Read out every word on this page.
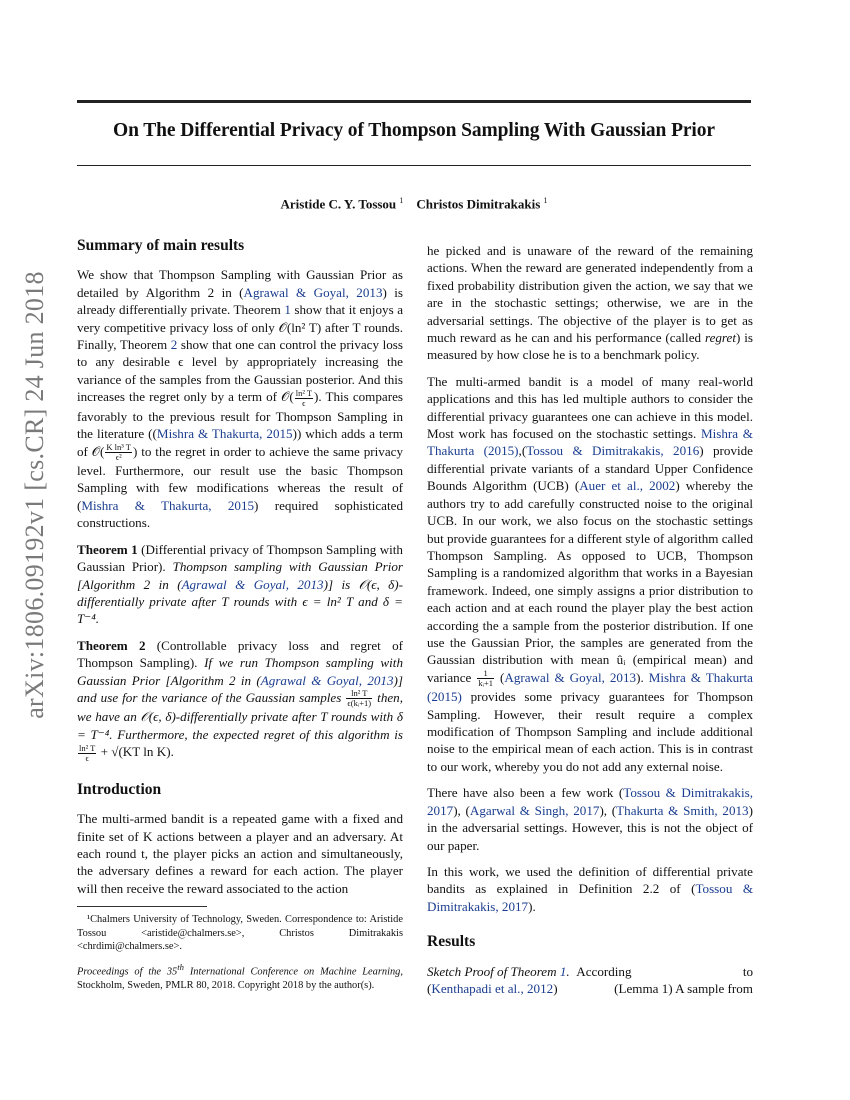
arXiv:1806.09192v1 [cs.CR] 24 Jun 2018
On The Differential Privacy of Thompson Sampling With Gaussian Prior
Aristide C. Y. Tossou $^1$ Christos Dimitrakakis $^1$
Summary of main results

We show that Thompson Sampling with Gaussian Prior as detailed by Algorithm 2 in (Agrawal & Goyal, 2013) is already differentially private. Theorem 1 show that it enjoys a very competitive privacy loss of only 𝒪(ln² T) after T rounds. Finally, Theorem 2 show that one can control the privacy loss to any desirable ϵ level by appropriately increasing the variance of the samples from the Gaussian posterior. And this increases the regret only by a term of 𝒪( $\frac{\text{ln² T}}{\epsilon}$ ). This compares favorably to the previous result for Thompson Sampling in the literature ((Mishra & Thakurta, 2015)) which adds a term of 𝒪( $\frac{\text{K ln³ T}}{\text{ϵ²}}$ ) to the regret in order to achieve the same privacy level. Furthermore, our result use the basic Thompson Sampling with few modifications whereas the result of (Mishra & Thakurta, 2015) required sophisticated constructions.

Theorem 1 (Differential privacy of Thompson Sampling with Gaussian Prior). Thompson sampling with Gaussian Prior [Algorithm 2 in (Agrawal & Goyal, 2013)] is 𝒪(ϵ, δ)-differentially private after T rounds with ϵ = ln² T and δ = T⁻⁴.

Theorem 2 (Controllable privacy loss and regret of Thompson Sampling). If we run Thompson sampling with Gaussian Prior [Algorithm 2 in (Agrawal & Goyal, 2013)] and use for the variance of the Gaussian samples $\frac{\text{ln² T}}{\text{ϵ(kᵢ+1)}}$ then, we have an 𝒪(ϵ, δ)-differentially private after T rounds with δ = T⁻⁴. Furthermore, the expected regret of this algorithm is
$\frac{\text{ln² T}}{\epsilon} + √(KT$ ln K).

Introduction

The multi-armed bandit is a repeated game with a fixed and finite set of K actions between a player and an adversary. At each round t, the player picks an action and simultaneously, the adversary defines a reward for each action. The player will then receive the reward associated to the action

¹Chalmers University of Technology, Sweden. Correspondence to: Aristide Tossou <aristide@chalmers.se>, Christos Dimitrakakis <chrdimi@chalmers.se>.

Proceedings of the 35th International Conference on Machine Learning, Stockholm, Sweden, PMLR 80, 2018. Copyright 2018 by the author(s).

he picked and is unaware of the reward of the remaining actions. When the reward are generated independently from a fixed probability distribution given the action, we say that we are in the stochastic settings; otherwise, we are in the adversarial settings. The objective of the player is to get as much reward as he can and his performance (called regret) is measured by how close he is to a benchmark policy.

The multi-armed bandit is a model of many real-world applications and this has led multiple authors to consider the differential privacy guarantees one can achieve in this model. Most work has focused on the stochastic settings. Mishra & Thakurta (2015),(Tossou & Dimitrakakis, 2016) provide differential private variants of a standard Upper Confidence Bounds Algorithm (UCB) (Auer et al., 2002) whereby the authors try to add carefully constructed noise to the original UCB. In our work, we also focus on the stochastic settings but provide guarantees for a different style of algorithm called Thompson Sampling. As opposed to UCB, Thompson Sampling is a randomized algorithm that works in a Bayesian framework. Indeed, one simply assigns a prior distribution to each action and at each round the player play the best action according the a sample from the posterior distribution. If one use the Gaussian Prior, the samples are generated from the Gaussian distribution with mean ûᵢ (empirical mean) and variance $\frac{1}{\text{kᵢ+1}}$ (Agrawal & Goyal, 2013). Mishra & Thakurta (2015) provides some privacy guarantees for Thompson Sampling. However, their result require a complex modification of Thompson Sampling and include additional noise to the empirical mean of each action. This is in contrast to our work, whereby you do not add any external noise.

There have also been a few work (Tossou & Dimitrakakis, 2017), (Agarwal & Singh, 2017), (Thakurta & Smith, 2013) in the adversarial settings. However, this is not the object of our paper.

In this work, we used the definition of differential private bandits as explained in Definition 2.2 of (Tossou & Dimitrakakis, 2017).

Results
Sketch Proof of Theorem 1. According	to
(Kenthapadi et al., 2012)	(Lemma 1) A sample from
